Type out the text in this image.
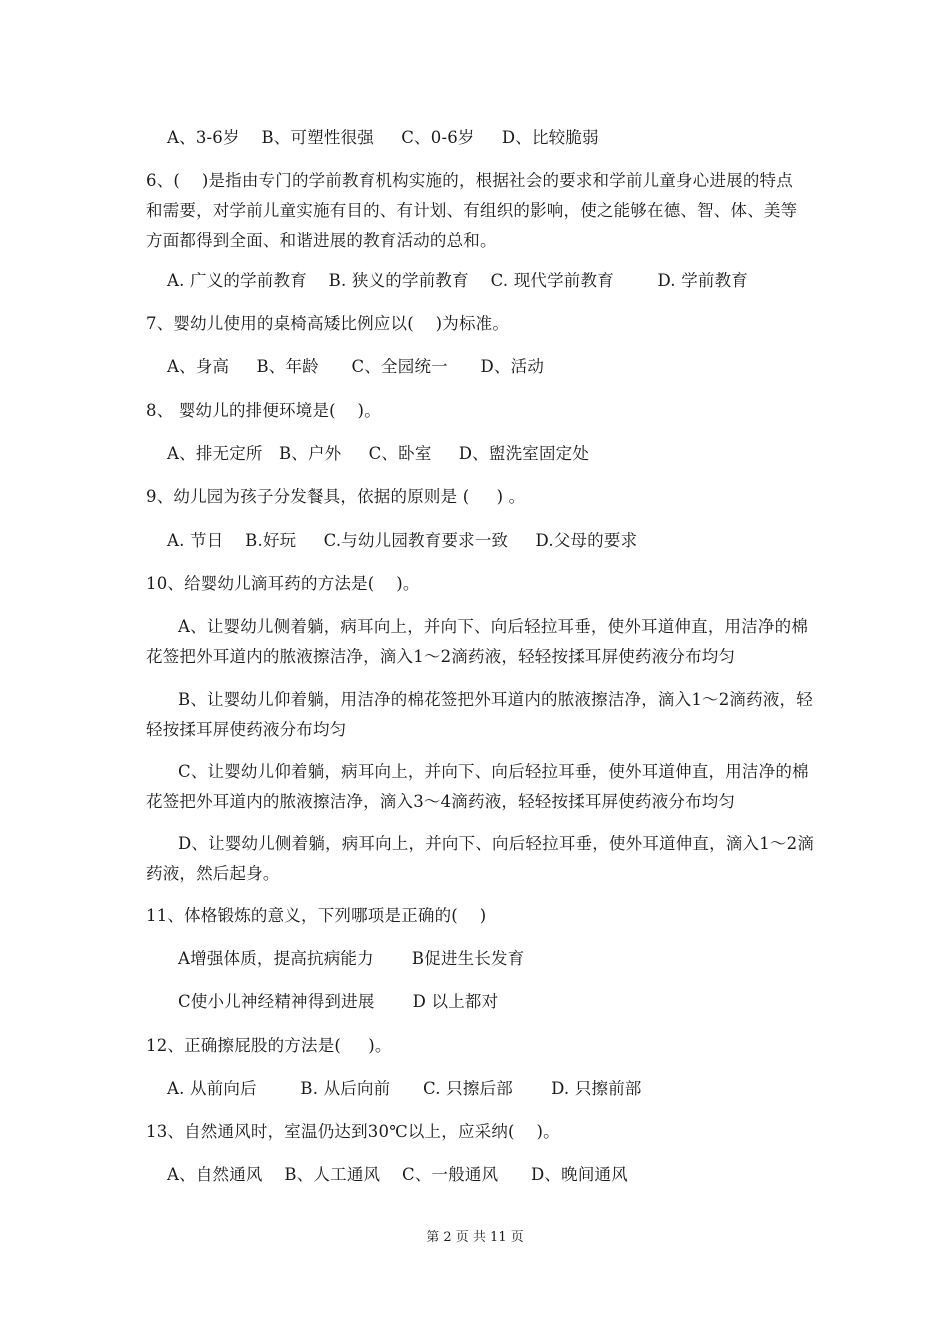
A、3-6岁    B、可塑性很强     C、0-6岁     D、比较脆弱
6、(    )是指由专门的学前教育机构实施的，根据社会的要求和学前儿童身心进展的特点
和需要，对学前儿童实施有目的、有计划、有组织的影响，使之能够在德、智、体、美等
方面都得到全面、和谐进展的教育活动的总和。
A. 广义的学前教育    B. 狭义的学前教育    C. 现代学前教育        D. 学前教育
7、婴幼儿使用的桌椅高矮比例应以(    )为标准。
A、身高     B、年龄      C、全园统一      D、活动
8、 婴幼儿的排便环境是(    )。
A、排无定所   B、户外     C、卧室     D、盥洗室固定处
9、幼儿园为孩子分发餐具，依据的原则是 (     ) 。
A. 节日    B.好玩     C.与幼儿园教育要求一致     D.父母的要求
10、给婴幼儿滴耳药的方法是(    )。
A、让婴幼儿侧着躺，病耳向上，并向下、向后轻拉耳垂，使外耳道伸直，用洁净的棉
花签把外耳道内的脓液擦洁净，滴入1～2滴药液，轻轻按揉耳屏使药液分布均匀
B、让婴幼儿仰着躺，用洁净的棉花签把外耳道内的脓液擦洁净，滴入1～2滴药液，轻
轻按揉耳屏使药液分布均匀
C、让婴幼儿仰着躺，病耳向上，并向下、向后轻拉耳垂，使外耳道伸直，用洁净的棉
花签把外耳道内的脓液擦洁净，滴入3～4滴药液，轻轻按揉耳屏使药液分布均匀
D、让婴幼儿侧着躺，病耳向上，并向下、向后轻拉耳垂，使外耳道伸直，滴入1～2滴
药液，然后起身。
11、体格锻炼的意义，下列哪项是正确的(    )
A增强体质，提高抗病能力       B促进生长发育
C使小儿神经精神得到进展       D 以上都对
12、正确擦屁股的方法是(     )。
A. 从前向后        B. 从后向前      C. 只擦后部       D. 只擦前部
13、自然通风时，室温仍达到30℃以上，应采纳(    )。
A、自然通风    B、人工通风    C、一般通风      D、晚间通风
第 2 页 共 11 页
